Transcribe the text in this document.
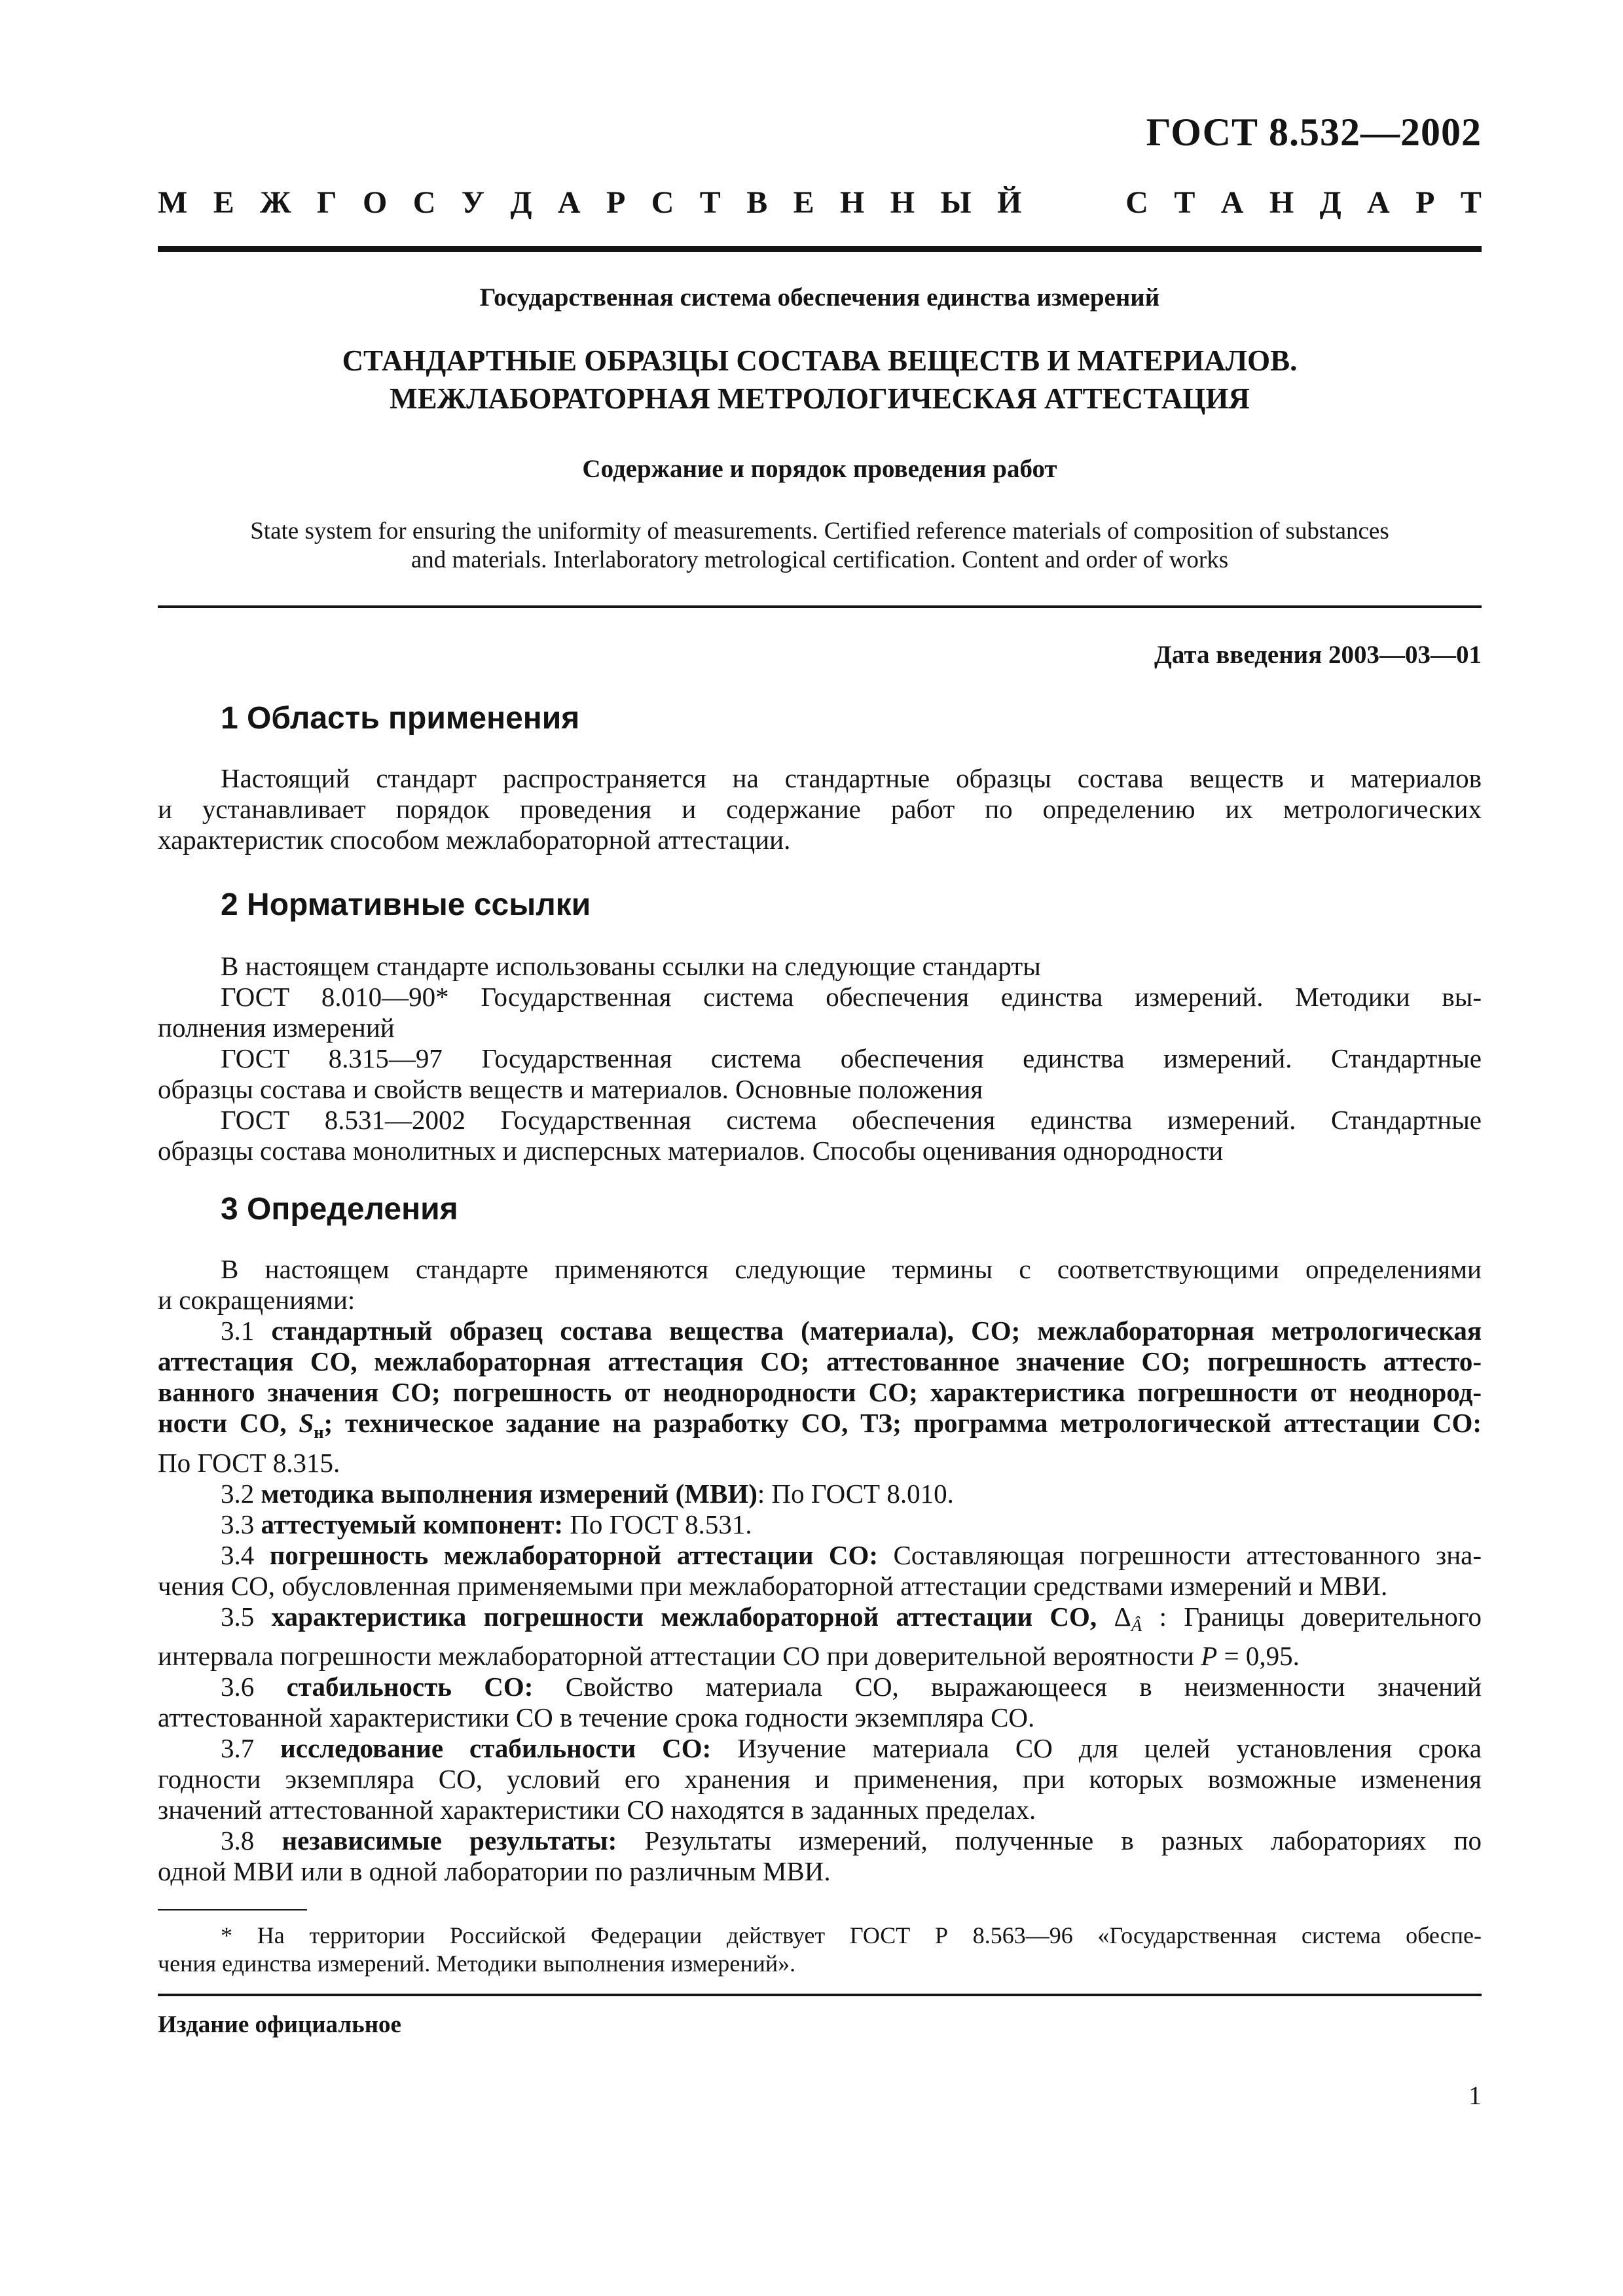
ГОСТ 8.532—2002
М Е Ж Г О С У Д А Р С Т В Е Н Н Ы Й	С Т А Н Д А Р Т
Государственная система обеспечения единства измерений
СТАНДАРТНЫЕ ОБРАЗЦЫ СОСТАВА ВЕЩЕСТВ И МАТЕРИАЛОВ.
МЕЖЛАБОРАТОРНАЯ МЕТРОЛОГИЧЕСКАЯ АТТЕСТАЦИЯ
Содержание и порядок проведения работ
State system for ensuring the uniformity of measurements. Certified reference materials of composition of substances
and materials. Interlaboratory metrological certification. Content and order of works
Дата введения 2003—03—01
1 Область применения
Настоящий стандарт распространяется на стандартные образцы состава веществ и материалов
и устанавливает порядок проведения и содержание работ по определению их метрологических
характеристик способом межлабораторной аттестации.
2 Нормативные ссылки
В настоящем стандарте использованы ссылки на следующие стандарты
ГОСТ 8.010—90* Государственная система обеспечения единства измерений. Методики вы-
полнения измерений
ГОСТ 8.315—97 Государственная система обеспечения единства измерений. Стандартные
образцы состава и свойств веществ и материалов. Основные положения
ГОСТ 8.531—2002 Государственная система обеспечения единства измерений. Стандартные
образцы состава монолитных и дисперсных материалов. Способы оценивания однородности
3 Определения
В настоящем стандарте применяются следующие термины с соответствующими определениями
и сокращениями:
3.1 стандартный образец состава вещества (материала), СО; межлабораторная метрологическая
аттестация СО, межлабораторная аттестация СО; аттестованное значение СО; погрешность аттесто-
ванного значения СО; погрешность от неоднородности СО; характеристика погрешности от неоднород-
ности СО, $S_н$; техническое задание на разработку СО, ТЗ; программа метрологической аттестации СО:
По ГОСТ 8.315.
3.2 методика выполнения измерений (МВИ): По ГОСТ 8.010.
3.3 аттестуемый компонент: По ГОСТ 8.531.
3.4 погрешность межлабораторной аттестации СО: Составляющая погрешности аттестованного зна-
чения СО, обусловленная применяемыми при межлабораторной аттестации средствами измерений и МВИ.
3.5 характеристика погрешности межлабораторной аттестации СО, ΔÂ : Границы доверительного
интервала погрешности межлабораторной аттестации СО при доверительной вероятности P = 0,95.
3.6 стабильность СО: Свойство материала СО, выражающееся в неизменности значений
аттестованной характеристики СО в течение срока годности экземпляра СО.
3.7 исследование стабильности СО: Изучение материала СО для целей установления срока
годности экземпляра СО, условий его хранения и применения, при которых возможные изменения
значений аттестованной характеристики СО находятся в заданных пределах.
3.8 независимые результаты: Результаты измерений, полученные в разных лабораториях по
одной МВИ или в одной лаборатории по различным МВИ.
* На территории Российской Федерации действует ГОСТ Р 8.563—96 «Государственная система обеспе-
чения единства измерений. Методики выполнения измерений».
Издание официальное
1
